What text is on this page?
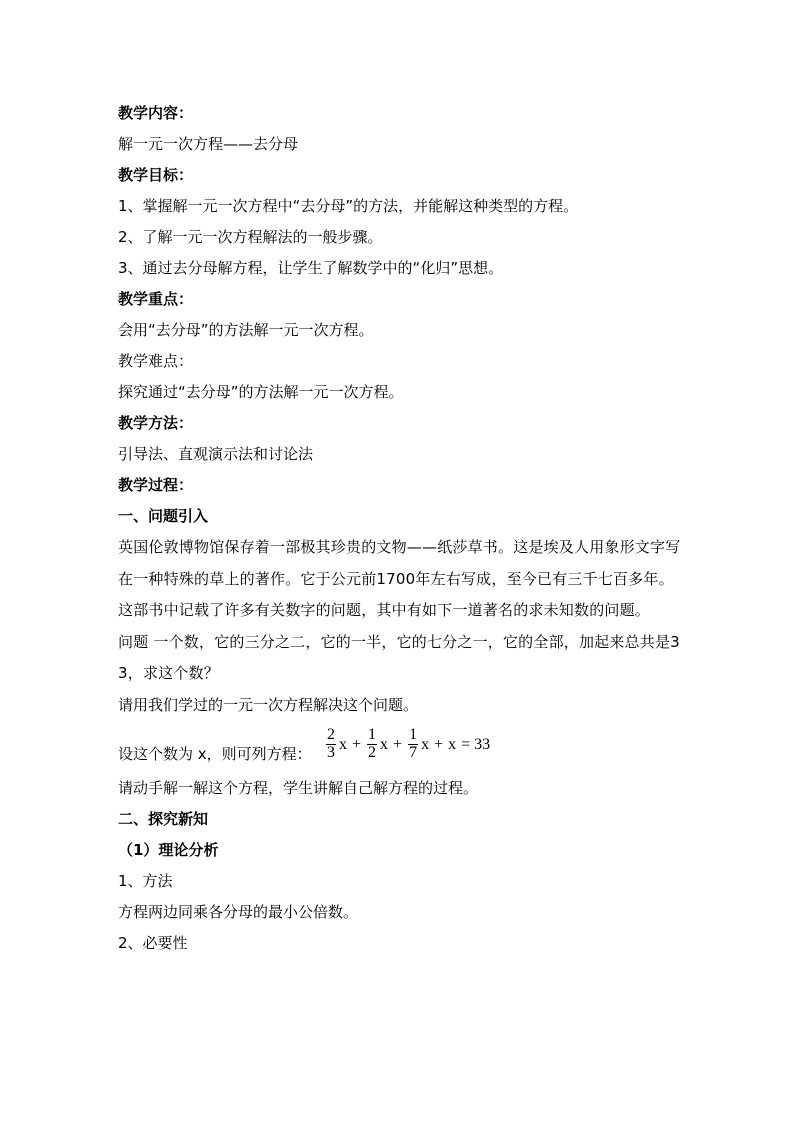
教学内容：
解一元一次方程——去分母
教学目标：
1、掌握解一元一次方程中“去分母”的方法，并能解这种类型的方程。
2、了解一元一次方程解法的一般步骤。
3、通过去分母解方程，让学生了解数学中的“化归”思想。
教学重点：
会用“去分母”的方法解一元一次方程。
教学难点：
探究通过“去分母”的方法解一元一次方程。
教学方法：
引导法、直观演示法和讨论法
教学过程：
一、问题引入
英国伦敦博物馆保存着一部极其珍贵的文物——纸莎草书。这是埃及人用象形文字写在一种特殊的草上的著作。它于公元前1700年左右写成，至今已有三千七百多年。这部书中记载了许多有关数字的问题，其中有如下一道著名的求未知数的问题。
问题 一个数，它的三分之二，它的一半，它的七分之一，它的全部，加起来总共是33，求这个数？
请用我们学过的一元一次方程解决这个问题。
设这个数为 x，则可列方程： $\frac{2}{3}$ $x + \frac{1}{2}$ $x + \frac{1}{7}$ x + x = 33
请动手解一解这个方程，学生讲解自己解方程的过程。
二、探究新知
（1）理论分析
1、方法
方程两边同乘各分母的最小公倍数。
2、必要性
